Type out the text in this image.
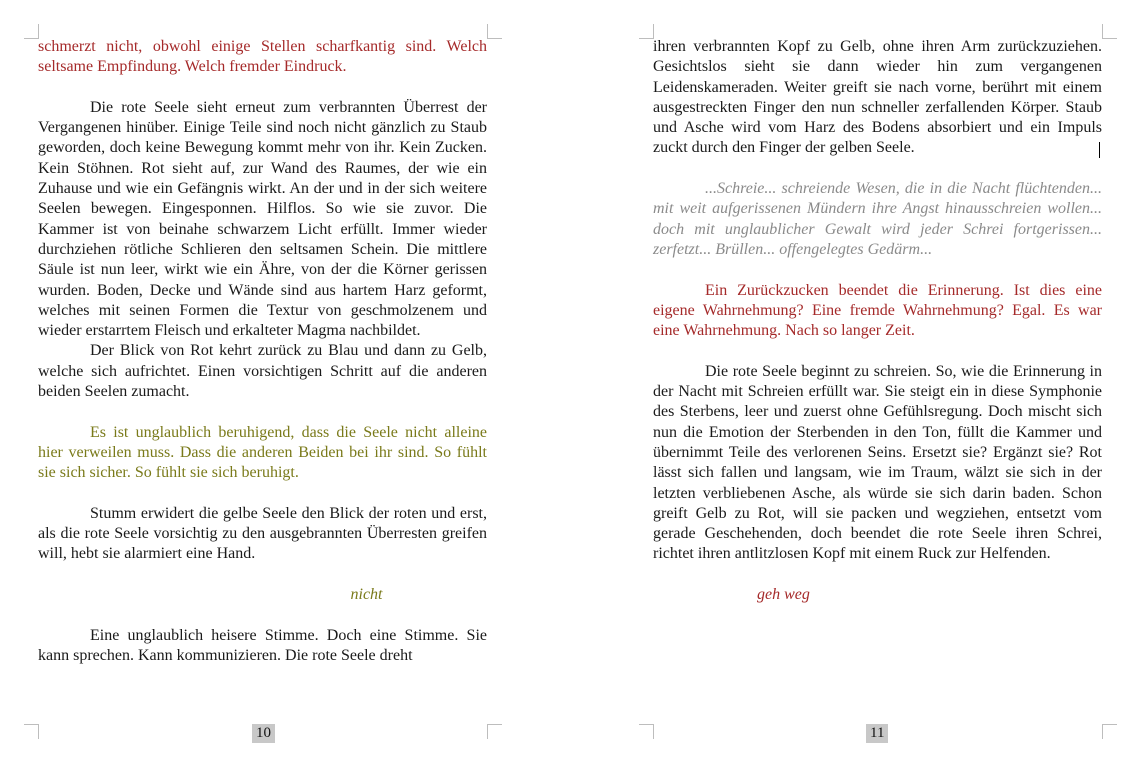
schmerzt nicht, obwohl einige Stellen scharfkantig sind. Welch seltsame Empfindung. Welch fremder Eindruck.

Die rote Seele sieht erneut zum verbrannten Überrest der Vergangenen hinüber. Einige Teile sind noch nicht gänzlich zu Staub geworden, doch keine Bewegung kommt mehr von ihr. Kein Zucken. Kein Stöhnen. Rot sieht auf, zur Wand des Raumes, der wie ein Zuhause und wie ein Gefängnis wirkt. An der und in der sich weitere Seelen bewegen. Eingesponnen. Hilflos. So wie sie zuvor. Die Kammer ist von beinahe schwarzem Licht erfüllt. Immer wieder durchziehen rötliche Schlieren den seltsamen Schein. Die mittlere Säule ist nun leer, wirkt wie ein Ähre, von der die Körner gerissen wurden. Boden, Decke und Wände sind aus hartem Harz geformt, welches mit seinen Formen die Textur von geschmolzenem und wieder erstarrtem Fleisch und erkalteter Magma nachbildet.

Der Blick von Rot kehrt zurück zu Blau und dann zu Gelb, welche sich aufrichtet. Einen vorsichtigen Schritt auf die anderen beiden Seelen zumacht.

Es ist unglaublich beruhigend, dass die Seele nicht alleine hier verweilen muss. Dass die anderen Beiden bei ihr sind. So fühlt sie sich sicher. So fühlt sie sich beruhigt.

Stumm erwidert die gelbe Seele den Blick der roten und erst, als die rote Seele vorsichtig zu den ausgebrannten Überresten greifen will, hebt sie alarmiert eine Hand.

nicht

Eine unglaublich heisere Stimme. Doch eine Stimme. Sie kann sprechen. Kann kommunizieren. Die rote Seele dreht

10

ihren verbrannten Kopf zu Gelb, ohne ihren Arm zurückzuziehen. Gesichtslos sieht sie dann wieder hin zum vergangenen Leidenskameraden. Weiter greift sie nach vorne, berührt mit einem ausgestreckten Finger den nun schneller zerfallenden Körper. Staub und Asche wird vom Harz des Bodens absorbiert und ein Impuls zuckt durch den Finger der gelben Seele.

...Schreie... schreiende Wesen, die in die Nacht flüchtenden... mit weit aufgerissenen Mündern ihre Angst hinausschreien wollen... doch mit unglaublicher Gewalt wird jeder Schrei fortgerissen... zerfetzt... Brüllen... offengelegtes Gedärm...

Ein Zurückzucken beendet die Erinnerung. Ist dies eine eigene Wahrnehmung? Eine fremde Wahrnehmung? Egal. Es war eine Wahrnehmung. Nach so langer Zeit.

Die rote Seele beginnt zu schreien. So, wie die Erinnerung in der Nacht mit Schreien erfüllt war. Sie steigt ein in diese Symphonie des Sterbens, leer und zuerst ohne Gefühlsregung. Doch mischt sich nun die Emotion der Sterbenden in den Ton, füllt die Kammer und übernimmt Teile des verlorenen Seins. Ersetzt sie? Ergänzt sie? Rot lässt sich fallen und langsam, wie im Traum, wälzt sie sich in der letzten verbliebenen Asche, als würde sie sich darin baden. Schon greift Gelb zu Rot, will sie packen und wegziehen, entsetzt vom gerade Geschehenden, doch beendet die rote Seele ihren Schrei, richtet ihren antlitzlosen Kopf mit einem Ruck zur Helfenden.

geh weg

11
